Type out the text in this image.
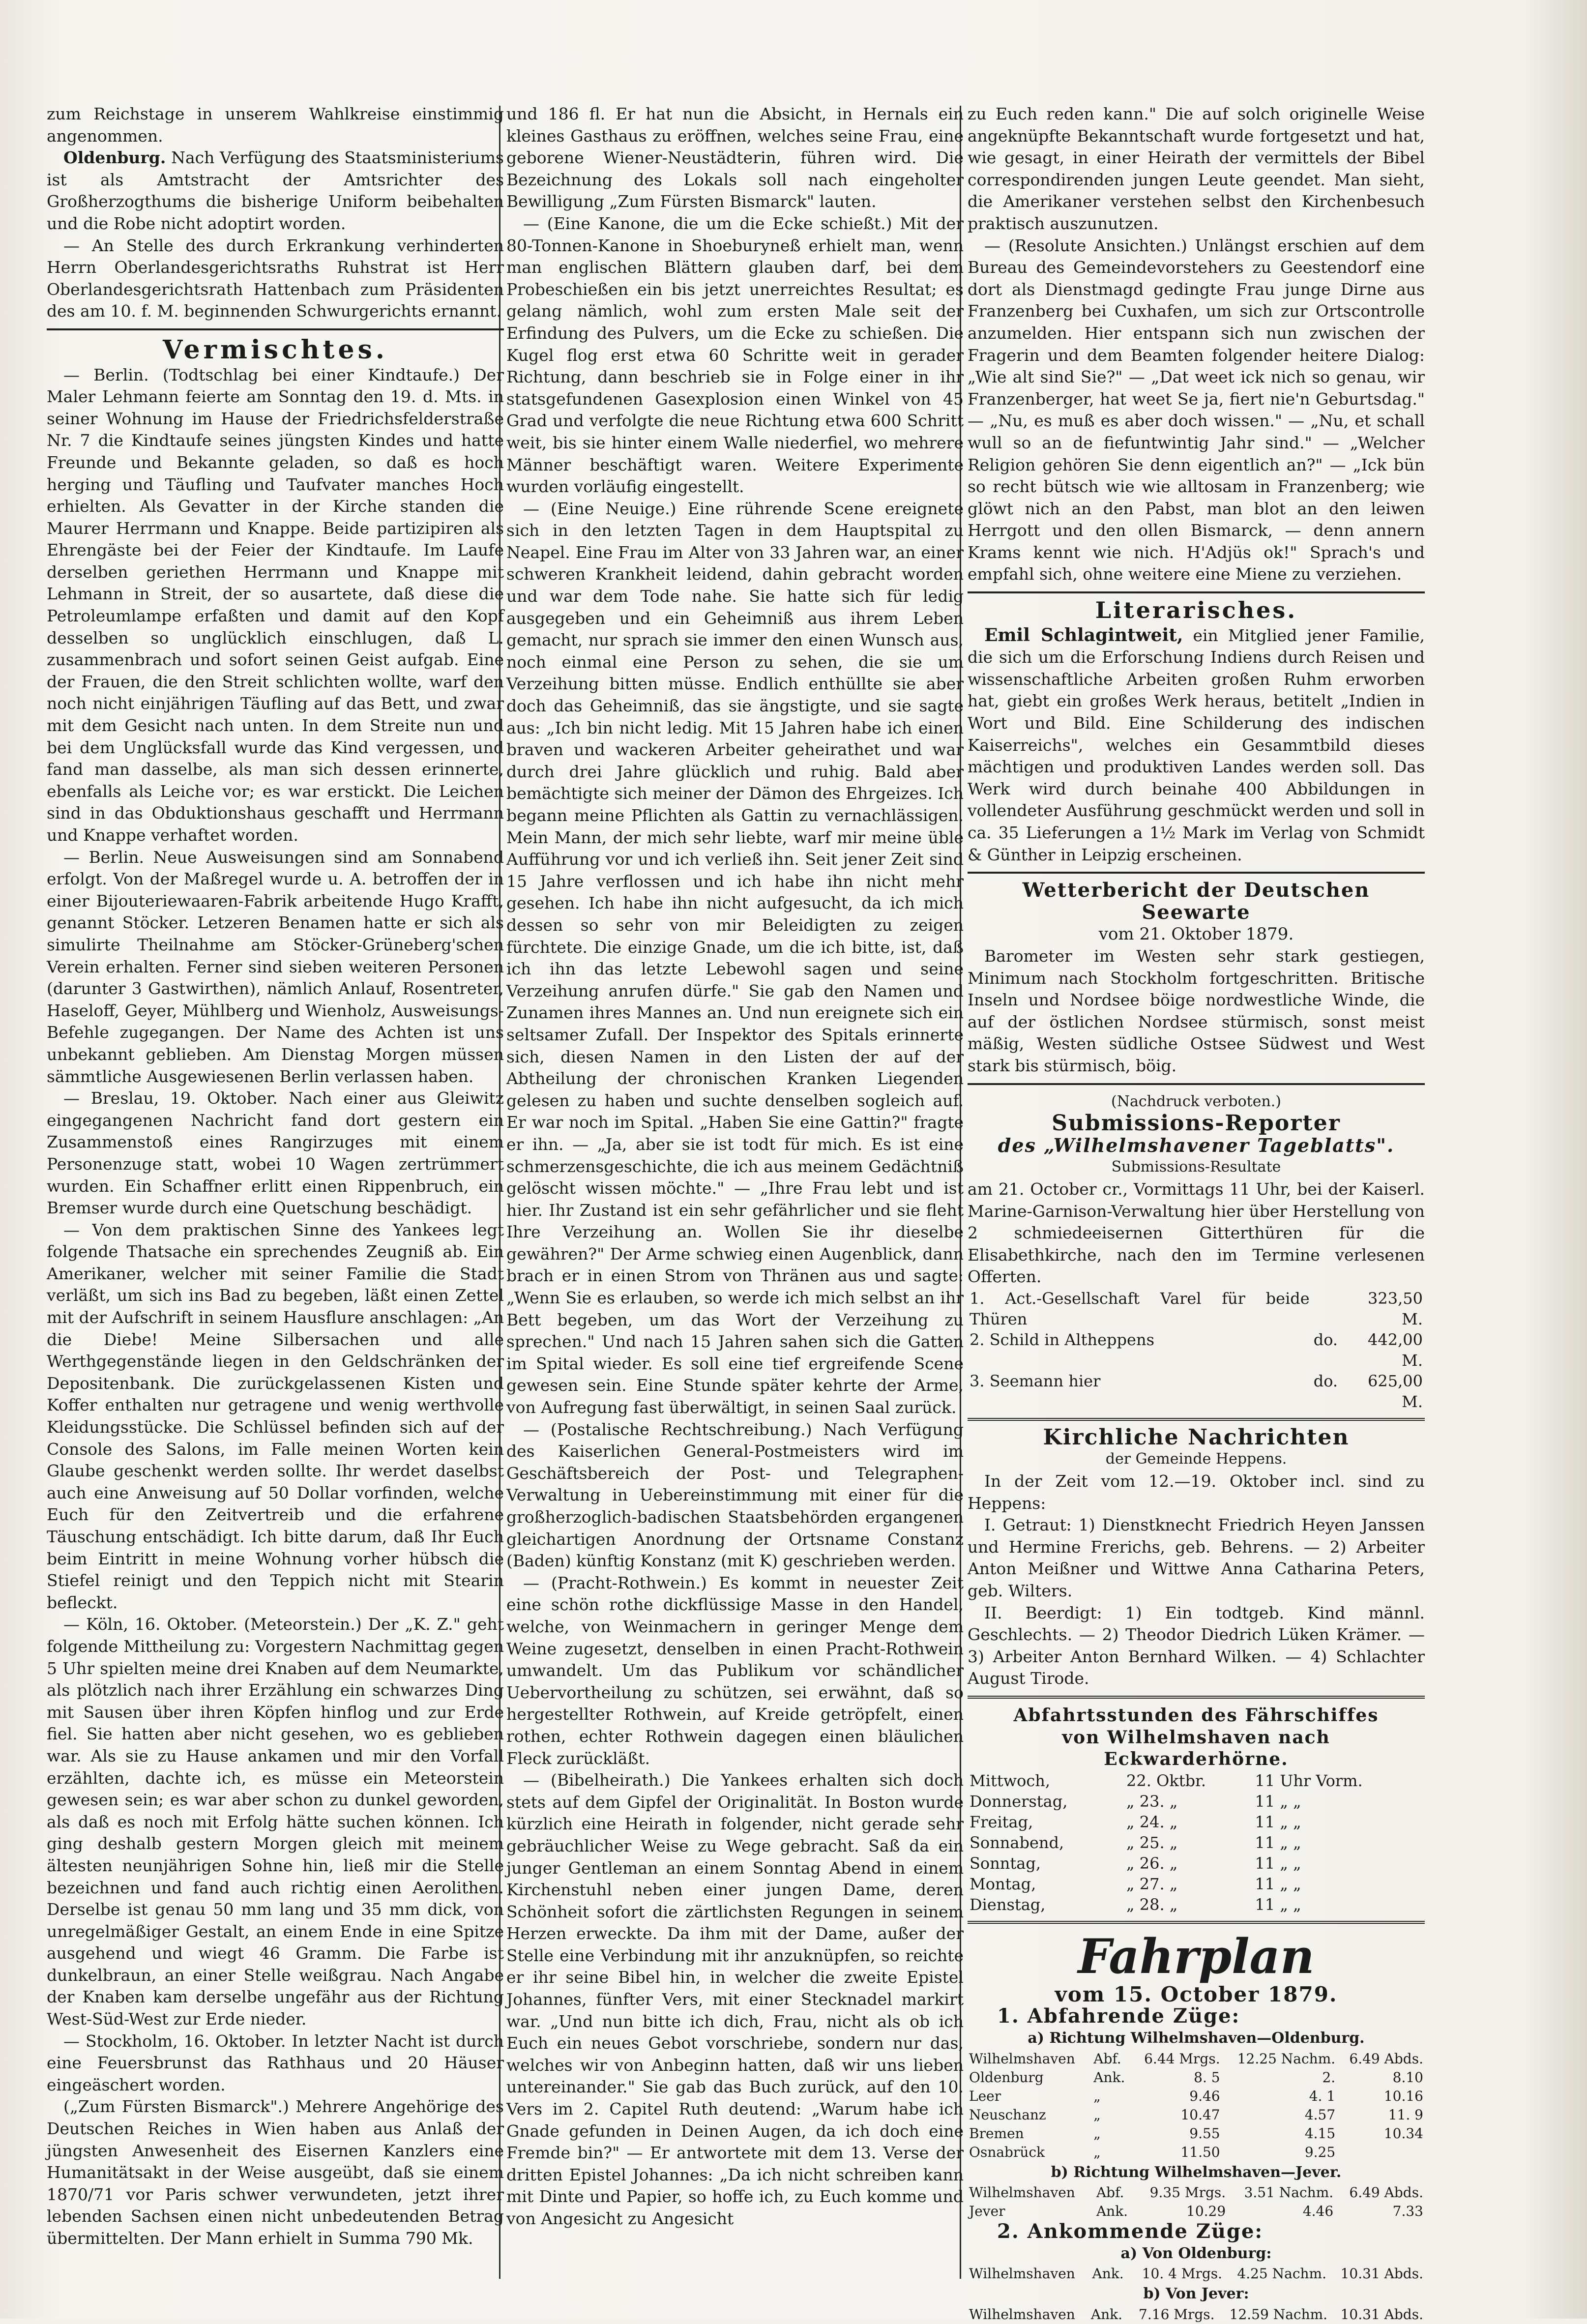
zum Reichstage in unserem Wahlkreise einstimmig angenommen.

Oldenburg. Nach Verfügung des Staatsministeriums ist als Amtstracht der Amtsrichter des Großherzogthums die bisherige Uniform beibehalten und die Robe nicht adoptirt worden.

— An Stelle des durch Erkrankung verhinderten Herrn Oberlandesgerichtsraths Ruhstrat ist Herr Oberlandesgerichtsrath Hattenbach zum Präsidenten des am 10. f. M. beginnenden Schwurgerichts ernannt.

Vermischtes.

— Berlin. (Todtschlag bei einer Kindtaufe.) Der Maler Lehmann feierte am Sonntag den 19. d. Mts. in seiner Wohnung im Hause der Friedrichsfelderstraße Nr. 7 die Kindtaufe seines jüngsten Kindes und hatte Freunde und Bekannte geladen, so daß es hoch herging und Täufling und Taufvater manches Hoch erhielten. Als Gevatter in der Kirche standen die Maurer Herrmann und Knappe. Beide partizipiren als Ehrengäste bei der Feier der Kindtaufe. Im Laufe derselben geriethen Herrmann und Knappe mit Lehmann in Streit, der so ausartete, daß diese die Petroleumlampe erfaßten und damit auf den Kopf desselben so unglücklich einschlugen, daß L. zusammenbrach und sofort seinen Geist aufgab. Eine der Frauen, die den Streit schlichten wollte, warf den noch nicht einjährigen Täufling auf das Bett, und zwar mit dem Gesicht nach unten. In dem Streite nun und bei dem Unglücksfall wurde das Kind vergessen, und fand man dasselbe, als man sich dessen erinnerte, ebenfalls als Leiche vor; es war erstickt. Die Leichen sind in das Obduktionshaus geschafft und Herrmann und Knappe verhaftet worden.

— Berlin. Neue Ausweisungen sind am Sonnabend erfolgt. Von der Maßregel wurde u. A. betroffen der in einer Bijouteriewaaren-Fabrik arbeitende Hugo Krafft, genannt Stöcker. Letzeren Benamen hatte er sich als simulirte Theilnahme am Stöcker-Grüneberg'schen Verein erhalten. Ferner sind sieben weiteren Personen (darunter 3 Gastwirthen), nämlich Anlauf, Rosentreter, Haseloff, Geyer, Mühlberg und Wienholz, Ausweisungs-Befehle zugegangen. Der Name des Achten ist uns unbekannt geblieben. Am Dienstag Morgen müssen sämmtliche Ausgewiesenen Berlin verlassen haben.

— Breslau, 19. Oktober. Nach einer aus Gleiwitz eingegangenen Nachricht fand dort gestern ein Zusammenstoß eines Rangirzuges mit einem Personenzuge statt, wobei 10 Wagen zertrümmert wurden. Ein Schaffner erlitt einen Rippenbruch, ein Bremser wurde durch eine Quetschung beschädigt.

— Von dem praktischen Sinne des Yankees legt folgende Thatsache ein sprechendes Zeugniß ab. Ein Amerikaner, welcher mit seiner Familie die Stadt verläßt, um sich ins Bad zu begeben, läßt einen Zettel mit der Aufschrift in seinem Hausflure anschlagen: „An die Diebe! Meine Silbersachen und alle Werthgegenstände liegen in den Geldschränken der Depositenbank. Die zurückgelassenen Kisten und Koffer enthalten nur getragene und wenig werthvolle Kleidungsstücke. Die Schlüssel befinden sich auf der Console des Salons, im Falle meinen Worten kein Glaube geschenkt werden sollte. Ihr werdet daselbst auch eine Anweisung auf 50 Dollar vorfinden, welche Euch für den Zeitvertreib und die erfahrene Täuschung entschädigt. Ich bitte darum, daß Ihr Euch beim Eintritt in meine Wohnung vorher hübsch die Stiefel reinigt und den Teppich nicht mit Stearin befleckt.

— Köln, 16. Oktober. (Meteorstein.) Der „K. Z." geht folgende Mittheilung zu: Vorgestern Nachmittag gegen 5 Uhr spielten meine drei Knaben auf dem Neumarkte, als plötzlich nach ihrer Erzählung ein schwarzes Ding mit Sausen über ihren Köpfen hinflog und zur Erde fiel. Sie hatten aber nicht gesehen, wo es geblieben war. Als sie zu Hause ankamen und mir den Vorfall erzählten, dachte ich, es müsse ein Meteorstein gewesen sein; es war aber schon zu dunkel geworden, als daß es noch mit Erfolg hätte suchen können. Ich ging deshalb gestern Morgen gleich mit meinem ältesten neunjährigen Sohne hin, ließ mir die Stelle bezeichnen und fand auch richtig einen Aerolithen. Derselbe ist genau 50 mm lang und 35 mm dick, von unregelmäßiger Gestalt, an einem Ende in eine Spitze ausgehend und wiegt 46 Gramm. Die Farbe ist dunkelbraun, an einer Stelle weißgrau. Nach Angabe der Knaben kam derselbe ungefähr aus der Richtung West-Süd-West zur Erde nieder.

— Stockholm, 16. Oktober. In letzter Nacht ist durch eine Feuersbrunst das Rathhaus und 20 Häuser eingeäschert worden.

(„Zum Fürsten Bismarck".) Mehrere Angehörige des Deutschen Reiches in Wien haben aus Anlaß der jüngsten Anwesenheit des Eisernen Kanzlers eine Humanitätsakt in der Weise ausgeübt, daß sie einem 1870/71 vor Paris schwer verwundeten, jetzt ihrer lebenden Sachsen einen nicht unbedeutenden Betrag übermittelten. Der Mann erhielt in Summa 790 Mk.

und 186 fl. Er hat nun die Absicht, in Hernals ein kleines Gasthaus zu eröffnen, welches seine Frau, eine geborene Wiener-Neustädterin, führen wird. Die Bezeichnung des Lokals soll nach eingeholter Bewilligung „Zum Fürsten Bismarck" lauten.

— (Eine Kanone, die um die Ecke schießt.) Mit der 80-Tonnen-Kanone in Shoeburyneß erhielt man, wenn man englischen Blättern glauben darf, bei dem Probeschießen ein bis jetzt unerreichtes Resultat; es gelang nämlich, wohl zum ersten Male seit der Erfindung des Pulvers, um die Ecke zu schießen. Die Kugel flog erst etwa 60 Schritte weit in gerader Richtung, dann beschrieb sie in Folge einer in ihr statsgefundenen Gasexplosion einen Winkel von 45 Grad und verfolgte die neue Richtung etwa 600 Schritt weit, bis sie hinter einem Walle niederfiel, wo mehrere Männer beschäftigt waren. Weitere Experimente wurden vorläufig eingestellt.

— (Eine Neuige.) Eine rührende Scene ereignete sich in den letzten Tagen in dem Hauptspital zu Neapel. Eine Frau im Alter von 33 Jahren war, an einer schweren Krankheit leidend, dahin gebracht worden und war dem Tode nahe. Sie hatte sich für ledig ausgegeben und ein Geheimniß aus ihrem Leben gemacht, nur sprach sie immer den einen Wunsch aus, noch einmal eine Person zu sehen, die sie um Verzeihung bitten müsse. Endlich enthüllte sie aber doch das Geheimniß, das sie ängstigte, und sie sagte aus: „Ich bin nicht ledig. Mit 15 Jahren habe ich einen braven und wackeren Arbeiter geheirathet und war durch drei Jahre glücklich und ruhig. Bald aber bemächtigte sich meiner der Dämon des Ehrgeizes. Ich begann meine Pflichten als Gattin zu vernachlässigen. Mein Mann, der mich sehr liebte, warf mir meine üble Aufführung vor und ich verließ ihn. Seit jener Zeit sind 15 Jahre verflossen und ich habe ihn nicht mehr gesehen. Ich habe ihn nicht aufgesucht, da ich mich dessen so sehr von mir Beleidigten zu zeigen fürchtete. Die einzige Gnade, um die ich bitte, ist, daß ich ihn das letzte Lebewohl sagen und seine Verzeihung anrufen dürfe." Sie gab den Namen und Zunamen ihres Mannes an. Und nun ereignete sich ein seltsamer Zufall. Der Inspektor des Spitals erinnerte sich, diesen Namen in den Listen der auf der Abtheilung der chronischen Kranken Liegenden gelesen zu haben und suchte denselben sogleich auf. Er war noch im Spital. „Haben Sie eine Gattin?" fragte er ihn. — „Ja, aber sie ist todt für mich. Es ist eine schmerzensgeschichte, die ich aus meinem Gedächtniß gelöscht wissen möchte." — „Ihre Frau lebt und ist hier. Ihr Zustand ist ein sehr gefährlicher und sie fleht Ihre Verzeihung an. Wollen Sie ihr dieselbe gewähren?" Der Arme schwieg einen Augenblick, dann brach er in einen Strom von Thränen aus und sagte: „Wenn Sie es erlauben, so werde ich mich selbst an ihr Bett begeben, um das Wort der Verzeihung zu sprechen." Und nach 15 Jahren sahen sich die Gatten im Spital wieder. Es soll eine tief ergreifende Scene gewesen sein. Eine Stunde später kehrte der Arme, von Aufregung fast überwältigt, in seinen Saal zurück.

— (Postalische Rechtschreibung.) Nach Verfügung des Kaiserlichen General-Postmeisters wird im Geschäftsbereich der Post- und Telegraphen-Verwaltung in Uebereinstimmung mit einer für die großherzoglich-badischen Staatsbehörden ergangenen gleichartigen Anordnung der Ortsname Constanz (Baden) künftig Konstanz (mit K) geschrieben werden.

— (Pracht-Rothwein.) Es kommt in neuester Zeit eine schön rothe dickflüssige Masse in den Handel, welche, von Weinmachern in geringer Menge dem Weine zugesetzt, denselben in einen Pracht-Rothwein umwandelt. Um das Publikum vor schändlicher Uebervortheilung zu schützen, sei erwähnt, daß so hergestellter Rothwein, auf Kreide getröpfelt, einen rothen, echter Rothwein dagegen einen bläulichen Fleck zurückläßt.

— (Bibelheirath.) Die Yankees erhalten sich doch stets auf dem Gipfel der Originalität. In Boston wurde kürzlich eine Heirath in folgender, nicht gerade sehr gebräuchlicher Weise zu Wege gebracht. Saß da ein junger Gentleman an einem Sonntag Abend in einem Kirchenstuhl neben einer jungen Dame, deren Schönheit sofort die zärtlichsten Regungen in seinem Herzen erweckte. Da ihm mit der Dame, außer der Stelle eine Verbindung mit ihr anzuknüpfen, so reichte er ihr seine Bibel hin, in welcher die zweite Epistel Johannes, fünfter Vers, mit einer Stecknadel markirt war. „Und nun bitte ich dich, Frau, nicht als ob ich Euch ein neues Gebot vorschriebe, sondern nur das, welches wir von Anbeginn hatten, daß wir uns lieben untereinander." Sie gab das Buch zurück, auf den 10. Vers im 2. Capitel Ruth deutend: „Warum habe ich Gnade gefunden in Deinen Augen, da ich doch eine Fremde bin?" — Er antwortete mit dem 13. Verse der dritten Epistel Johannes: „Da ich nicht schreiben kann mit Dinte und Papier, so hoffe ich, zu Euch komme und von Angesicht zu Angesicht

zu Euch reden kann." Die auf solch originelle Weise angeknüpfte Bekanntschaft wurde fortgesetzt und hat, wie gesagt, in einer Heirath der vermittels der Bibel correspondirenden jungen Leute geendet. Man sieht, die Amerikaner verstehen selbst den Kirchenbesuch praktisch auszunutzen.

— (Resolute Ansichten.) Unlängst erschien auf dem Bureau des Gemeindevorstehers zu Geestendorf eine dort als Dienstmagd gedingte Frau junge Dirne aus Franzenberg bei Cuxhafen, um sich zur Ortscontrolle anzumelden. Hier entspann sich nun zwischen der Fragerin und dem Beamten folgender heitere Dialog: „Wie alt sind Sie?" — „Dat weet ick nich so genau, wir Franzenberger, hat weet Se ja, fiert nie'n Geburtsdag." — „Nu, es muß es aber doch wissen." — „Nu, et schall wull so an de fiefuntwintig Jahr sind." — „Welcher Religion gehören Sie denn eigentlich an?" — „Ick bün so recht bütsch wie wie alltosam in Franzenberg; wie glöwt nich an den Pabst, man blot an den leiwen Herrgott und den ollen Bismarck, — denn annern Krams kennt wie nich. H'Adjüs ok!" Sprach's und empfahl sich, ohne weitere eine Miene zu verziehen.

Literarisches.

Emil Schlagintweit, ein Mitglied jener Familie, die sich um die Erforschung Indiens durch Reisen und wissenschaftliche Arbeiten großen Ruhm erworben hat, giebt ein großes Werk heraus, betitelt „Indien in Wort und Bild. Eine Schilderung des indischen Kaiserreichs", welches ein Gesammtbild dieses mächtigen und produktiven Landes werden soll. Das Werk wird durch beinahe 400 Abbildungen in vollendeter Ausführung geschmückt werden und soll in ca. 35 Lieferungen a 1½ Mark im Verlag von Schmidt & Günther in Leipzig erscheinen.

Wetterbericht der Deutschen Seewarte
vom 21. Oktober 1879.

Barometer im Westen sehr stark gestiegen, Minimum nach Stockholm fortgeschritten. Britische Inseln und Nordsee böige nordwestliche Winde, die auf der östlichen Nordsee stürmisch, sonst meist mäßig, Westen südliche Ostsee Südwest und West stark bis stürmisch, böig.

(Nachdruck verboten.)
Submissions-Reporter
des „Wilhelmshavener Tageblatts".
Submissions-Resultate

am 21. October cr., Vormittags 11 Uhr, bei der Kaiserl. Marine-Garnison-Verwaltung hier über Herstellung von 2 schmiedeeisernen Gitterthüren für die Elisabethkirche, nach den im Termine verlesenen Offerten.

1. Act.-Gesellschaft Varel für beide Thüren		323,50 M.
2. Schild in Altheppens	do.	442,00 M.
3. Seemann hier	do.	625,00 M.
Kirchliche Nachrichten
der Gemeinde Heppens.

In der Zeit vom 12.—19. Oktober incl. sind zu Heppens:

I. Getraut: 1) Dienstknecht Friedrich Heyen Janssen und Hermine Frerichs, geb. Behrens. — 2) Arbeiter Anton Meißner und Wittwe Anna Catharina Peters, geb. Wilters.

II. Beerdigt: 1) Ein todtgeb. Kind männl. Geschlechts. — 2) Theodor Diedrich Lüken Krämer. — 3) Arbeiter Anton Bernhard Wilken. — 4) Schlachter August Tirode.

Abfahrtsstunden des Fährschiffes
von Wilhelmshaven nach Eckwarderhörne.
Mittwoch,	22. Oktbr.	11 Uhr Vorm.
Donnerstag,	„ 23. „	11 „ „
Freitag,	„ 24. „	11 „ „
Sonnabend,	„ 25. „	11 „ „
Sonntag,	„ 26. „	11 „ „
Montag,	„ 27. „	11 „ „
Dienstag,	„ 28. „	11 „ „
Fahrplan
vom 15. October 1879.
1. Abfahrende Züge:
a) Richtung Wilhelmshaven—Oldenburg.
Wilhelmshaven	Abf.	6.44 Mrgs.	12.25 Nachm.	6.49 Abds.
Oldenburg	Ank.	8. 5	2.	8.10
Leer	„	9.46	4. 1	10.16
Neuschanz	„	10.47	4.57	11. 9
Bremen	„	9.55	4.15	10.34
Osnabrück	„	11.50	9.25	
b) Richtung Wilhelmshaven—Jever.
Wilhelmshaven	Abf.	9.35 Mrgs.	3.51 Nachm.	6.49 Abds.
Jever	Ank.	10.29	4.46	7.33
2. Ankommende Züge:
a) Von Oldenburg:
Wilhelmshaven	Ank.	10. 4 Mrgs.	4.25 Nachm.	10.31 Abds.
b) Von Jever:
Wilhelmshaven	Ank.	7.16 Mrgs.	12.59 Nachm.	10.31 Abds.
